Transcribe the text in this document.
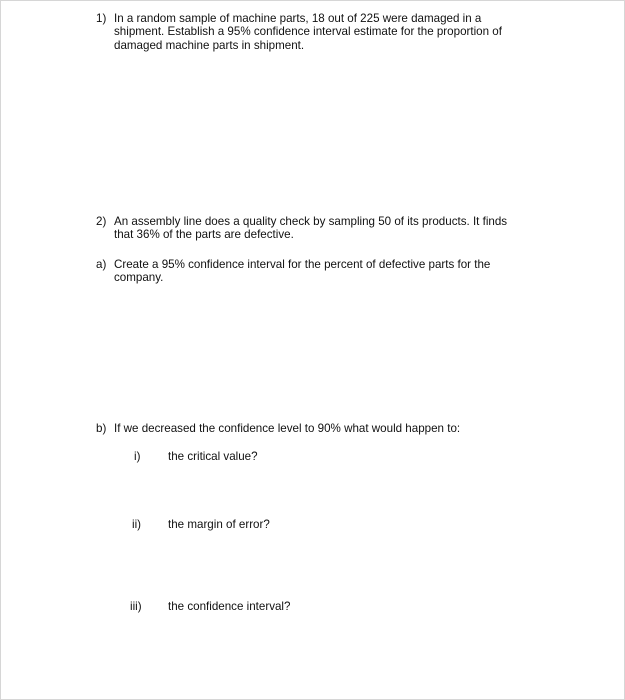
1) In a random sample of machine parts, 18 out of 225 were damaged in a
shipment. Establish a 95% confidence interval estimate for the proportion of
damaged machine parts in shipment.
2) An assembly line does a quality check by sampling 50 of its products. It finds
that 36% of the parts are defective.
a) Create a 95% confidence interval for the percent of defective parts for the
company.
b) If we decreased the confidence level to 90% what would happen to:
i) the critical value?
ii) the margin of error?
iii) the confidence interval?
